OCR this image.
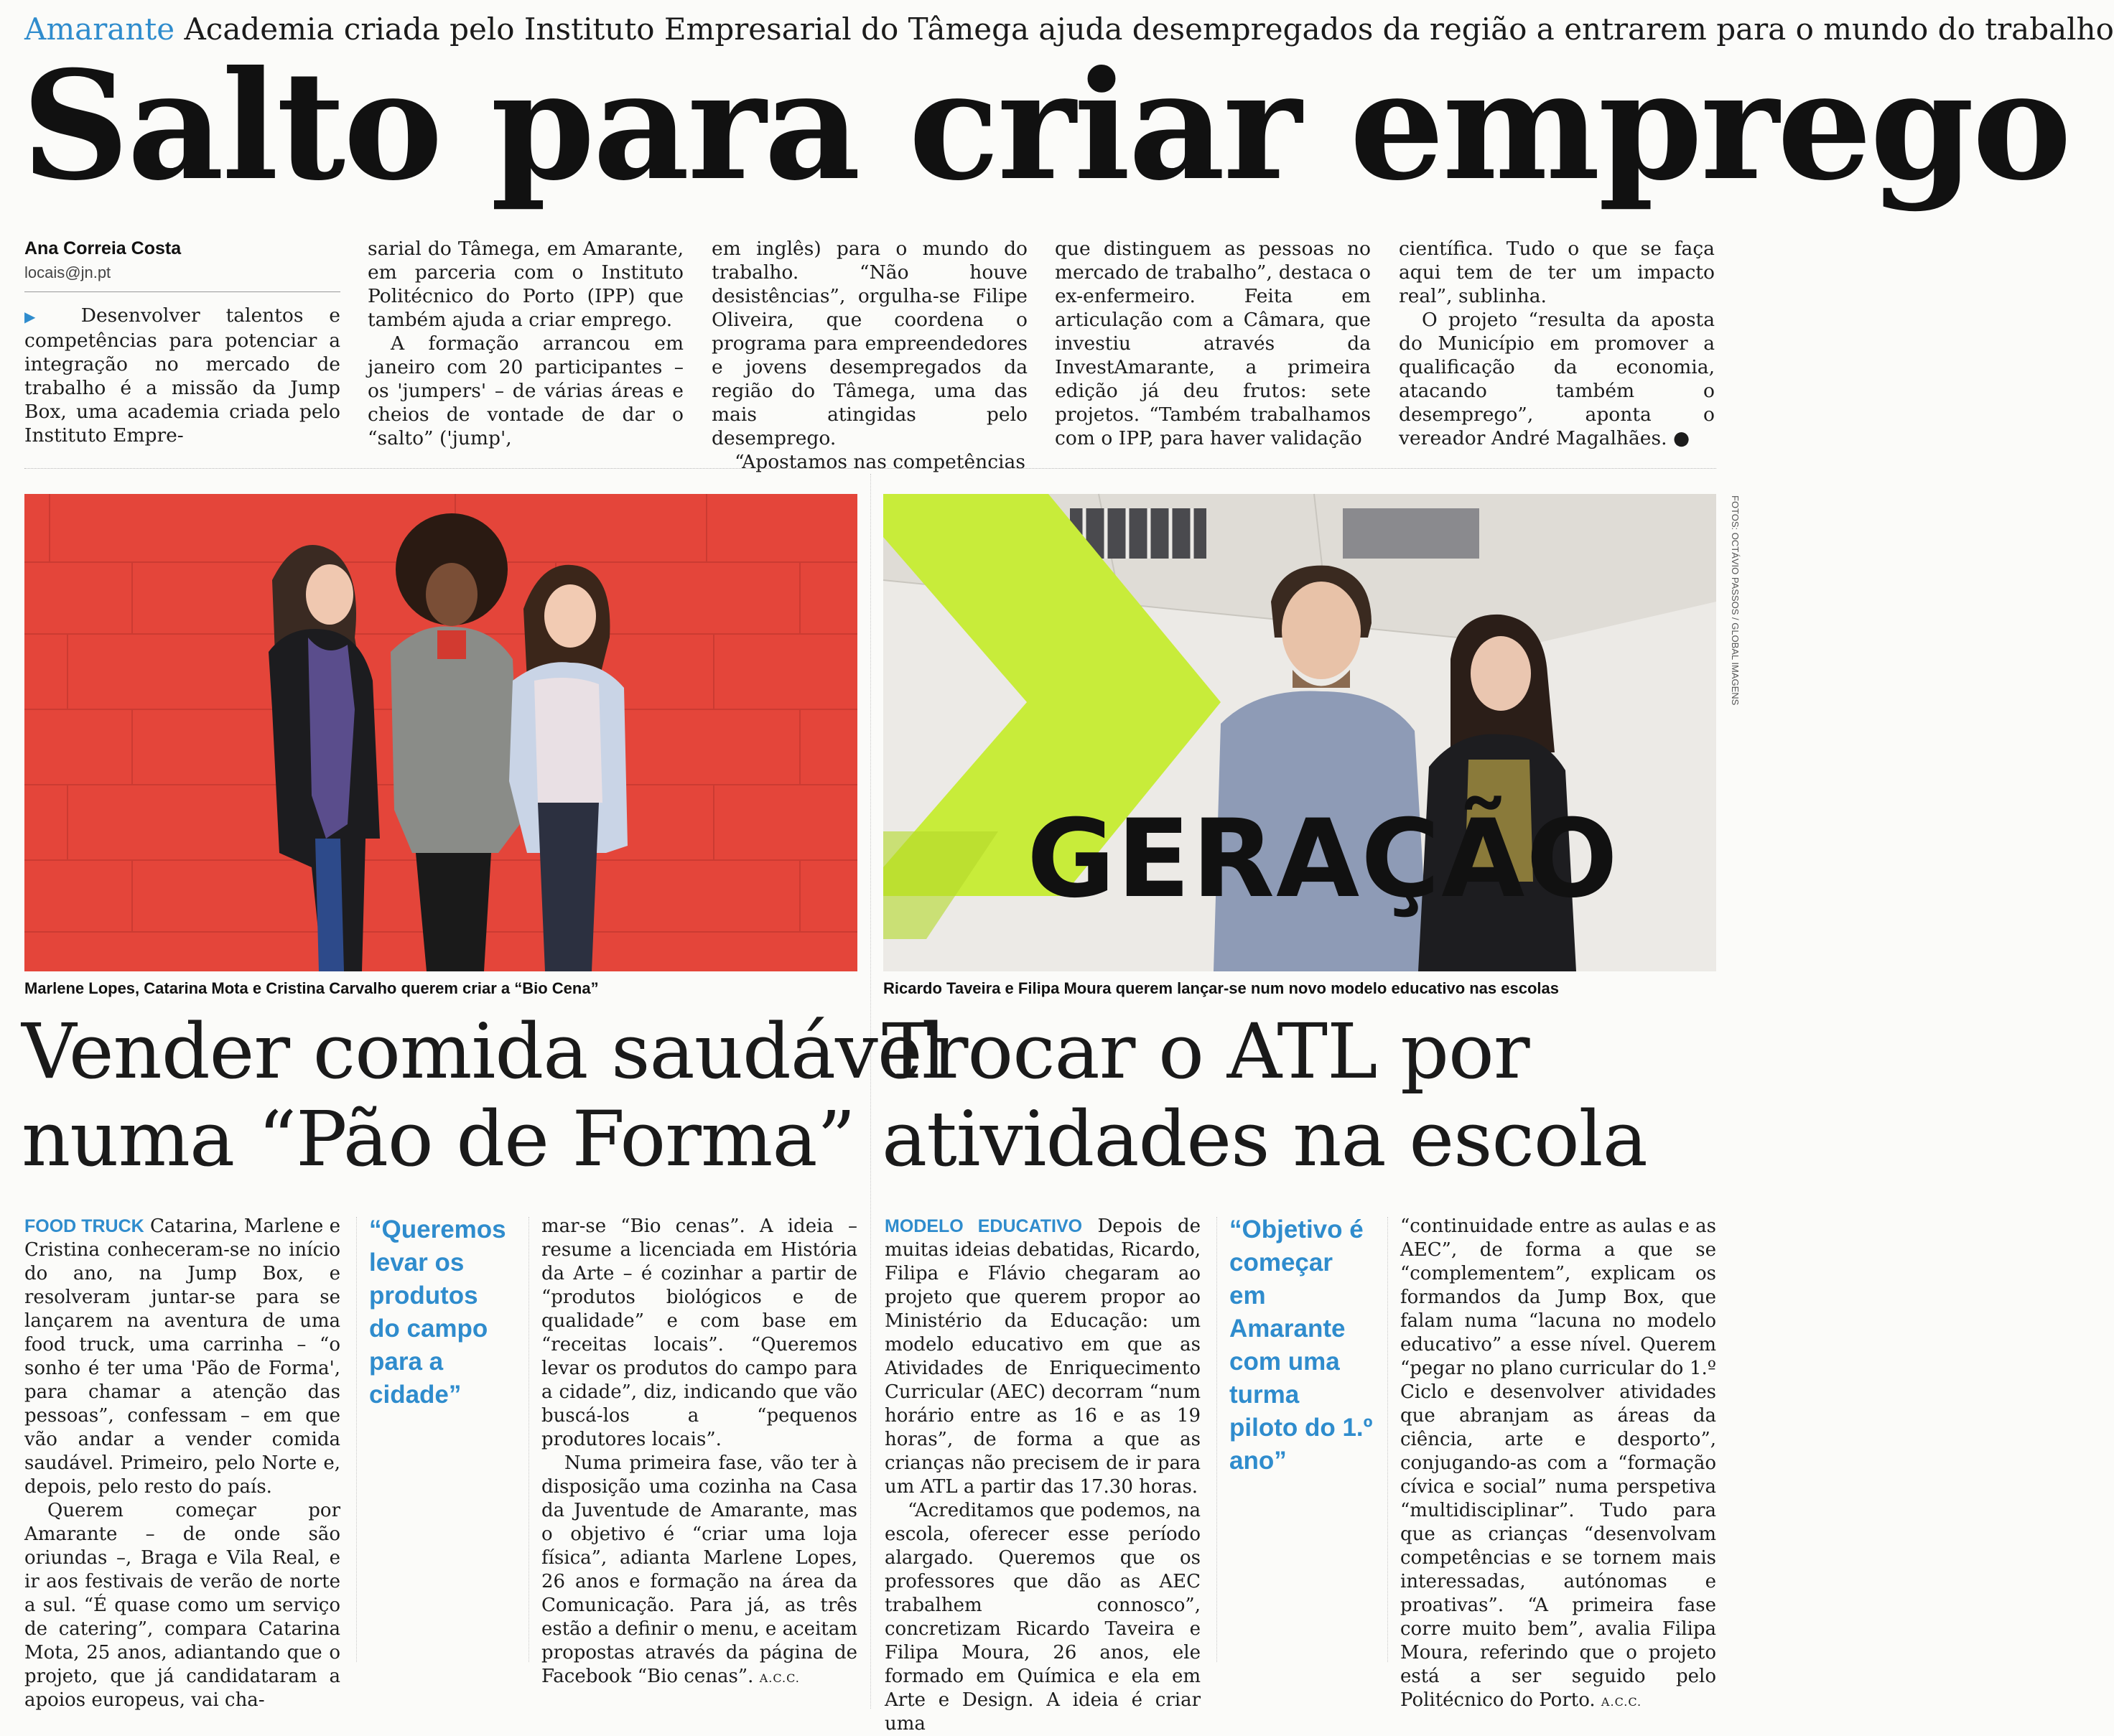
Amarante Academia criada pelo Instituto Empresarial do Tâmega ajuda desempregados da região a entrarem para o mundo do trabalho
Salto para criar emprego
Ana Correia Costa
locais@jn.pt

▶ Desenvolver talentos e competências para potenciar a integração no mercado de trabalho é a missão da Jump Box, uma academia criada pelo Instituto Empre-

sarial do Tâmega, em Amarante, em parceria com o Instituto Politécnico do Porto (IPP) que também ajuda a criar emprego.

A formação arrancou em janeiro com 20 participantes – os 'jumpers' – de várias áreas e cheios de vontade de dar o “salto” ('jump',

em inglês) para o mundo do trabalho. “Não houve desistências”, orgulha-se Filipe Oliveira, que coordena o programa para empreendedores e jovens desempregados da região do Tâmega, uma das mais atingidas pelo desemprego.

“Apostamos nas competências

que distinguem as pessoas no mercado de trabalho”, destaca o ex-enfermeiro. Feita em articulação com a Câmara, que investiu através da InvestAmarante, a primeira edição já deu frutos: sete projetos. “Também trabalhamos com o IPP, para haver validação

científica. Tudo o que se faça aqui tem de ter um impacto real”, sublinha.

O projeto “resulta da aposta do Município em promover a qualificação da economia, atacando também o desemprego”, aponta o vereador André Magalhães. ●

Marlene Lopes, Catarina Mota e Cristina Carvalho querem criar a “Bio Cena”
GERAÇÃO
FOTOS: OCTÁVIO PASSOS / GLOBAL IMAGENS
Ricardo Taveira e Filipa Moura querem lançar-se num novo modelo educativo nas escolas
Vender comida saudável
numa “Pão de Forma”
Trocar o ATL por
atividades na escola

FOOD TRUCK Catarina, Marlene e Cristina conheceram-se no início do ano, na Jump Box, e resolveram juntar-se para se lançarem na aventura de uma food truck, uma carrinha – “o sonho é ter uma 'Pão de Forma', para chamar a atenção das pessoas”, confessam – em que vão andar a vender comida saudável. Primeiro, pelo Norte e, depois, pelo resto do país.

Querem começar por Amarante – de onde são oriundas –, Braga e Vila Real, e ir aos festivais de verão de norte a sul. “É quase como um serviço de catering”, compara Catarina Mota, 25 anos, adiantando que o projeto, que já candidataram a apoios europeus, vai cha-

“Queremos levar os produtos do campo para a cidade”

mar-se “Bio cenas”. A ideia – resume a licenciada em História da Arte – é cozinhar a partir de “produtos biológicos e de qualidade” e com base em “receitas locais”. “Queremos levar os produtos do campo para a cidade”, diz, indicando que vão buscá-los a “pequenos produtores locais”.

Numa primeira fase, vão ter à disposição uma cozinha na Casa da Juventude de Amarante, mas o objetivo é “criar uma loja física”, adianta Marlene Lopes, 26 anos e formação na área da Comunicação. Para já, as três estão a definir o menu, e aceitam propostas através da página de Facebook “Bio cenas”. A.C.C.

MODELO EDUCATIVO Depois de muitas ideias debatidas, Ricardo, Filipa e Flávio chegaram ao projeto que querem propor ao Ministério da Educação: um modelo educativo em que as Atividades de Enriquecimento Curricular (AEC) decorram “num horário entre as 16 e as 19 horas”, de forma a que as crianças não precisem de ir para um ATL a partir das 17.30 horas.

“Acreditamos que podemos, na escola, oferecer esse período alargado. Queremos que os professores que dão as AEC trabalhem connosco”, concretizam Ricardo Taveira e Filipa Moura, 26 anos, ele formado em Química e ela em Arte e Design. A ideia é criar uma

“Objetivo é começar em Amarante com uma turma piloto do 1.º ano”

“continuidade entre as aulas e as AEC”, de forma a que se “complementem”, explicam os formandos da Jump Box, que falam numa “lacuna no modelo educativo” a esse nível. Querem “pegar no plano curricular do 1.º Ciclo e desenvolver atividades que abranjam as áreas da ciência, arte e desporto”, conjugando-as com a “formação cívica e social” numa perspetiva “multidisciplinar”. Tudo para que as crianças “desenvolvam competências e se tornem mais interessadas, autónomas e proativas”. “A primeira fase corre muito bem”, avalia Filipa Moura, referindo que o projeto está a ser seguido pelo Politécnico do Porto. A.C.C.
